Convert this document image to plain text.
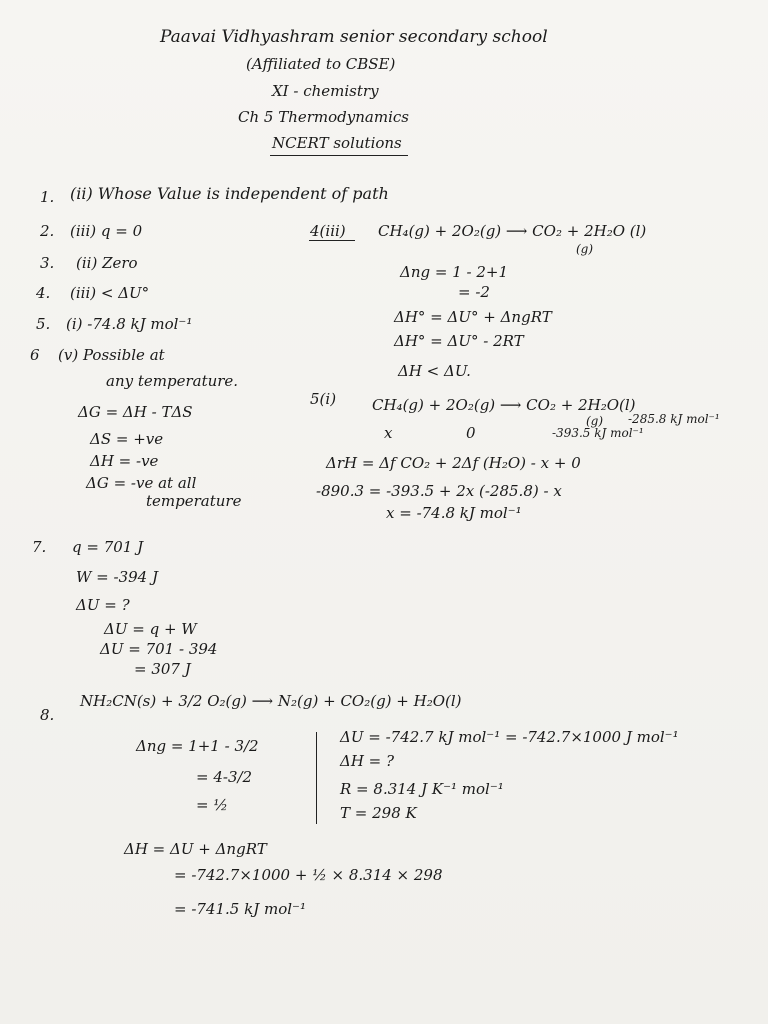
Paavai Vidhyashram senior secondary school
(Affiliated to CBSE)
XI - chemistry
Ch 5 Thermodynamics
NCERT solutions
1. (ii) Whose Value is independent of path
2. (iii) q = 0
3. (ii) Zero
4. (iii) < ΔU°
5. (i) -74.8 kJ mol⁻¹
6 (v) Possible at
any temperature.
ΔG = ΔH - TΔS
ΔS = +ve
ΔH = -ve
ΔG = -ve at all
temperature
4(iii) CH₄(g) + 2O₂(g) ⟶ CO₂ + 2H₂O (l)
(g)
Δng = 1 - 2+1
= -2
ΔH° = ΔU° + ΔngRT
ΔH° = ΔU° - 2RT
ΔH < ΔU.
5(i) CH₄(g) + 2O₂(g) ⟶ CO₂ + 2H₂O(l)
(g) -285.8 kJ mol⁻¹
x	0	-393.5 kJ mol⁻¹
ΔrH = Δf CO₂ + 2Δf (H₂O) - x + 0
-890.3 = -393.5 + 2x (-285.8) - x
x = -74.8 kJ mol⁻¹
7. q = 701 J
W = -394 J
ΔU = ?
ΔU = q + W
ΔU = 701 - 394
= 307 J
8.
NH₂CN(s) + 3/2 O₂(g) ⟶ N₂(g) + CO₂(g) + H₂O(l)
Δng = 1+1 - 3/2
= 4-3/2
= ½
ΔU = -742.7 kJ mol⁻¹ = -742.7×1000 J mol⁻¹
ΔH = ?
R = 8.314 J K⁻¹ mol⁻¹
T = 298 K
ΔH = ΔU + ΔngRT
= -742.7×1000 + ½ × 8.314 × 298
= -741.5 kJ mol⁻¹
